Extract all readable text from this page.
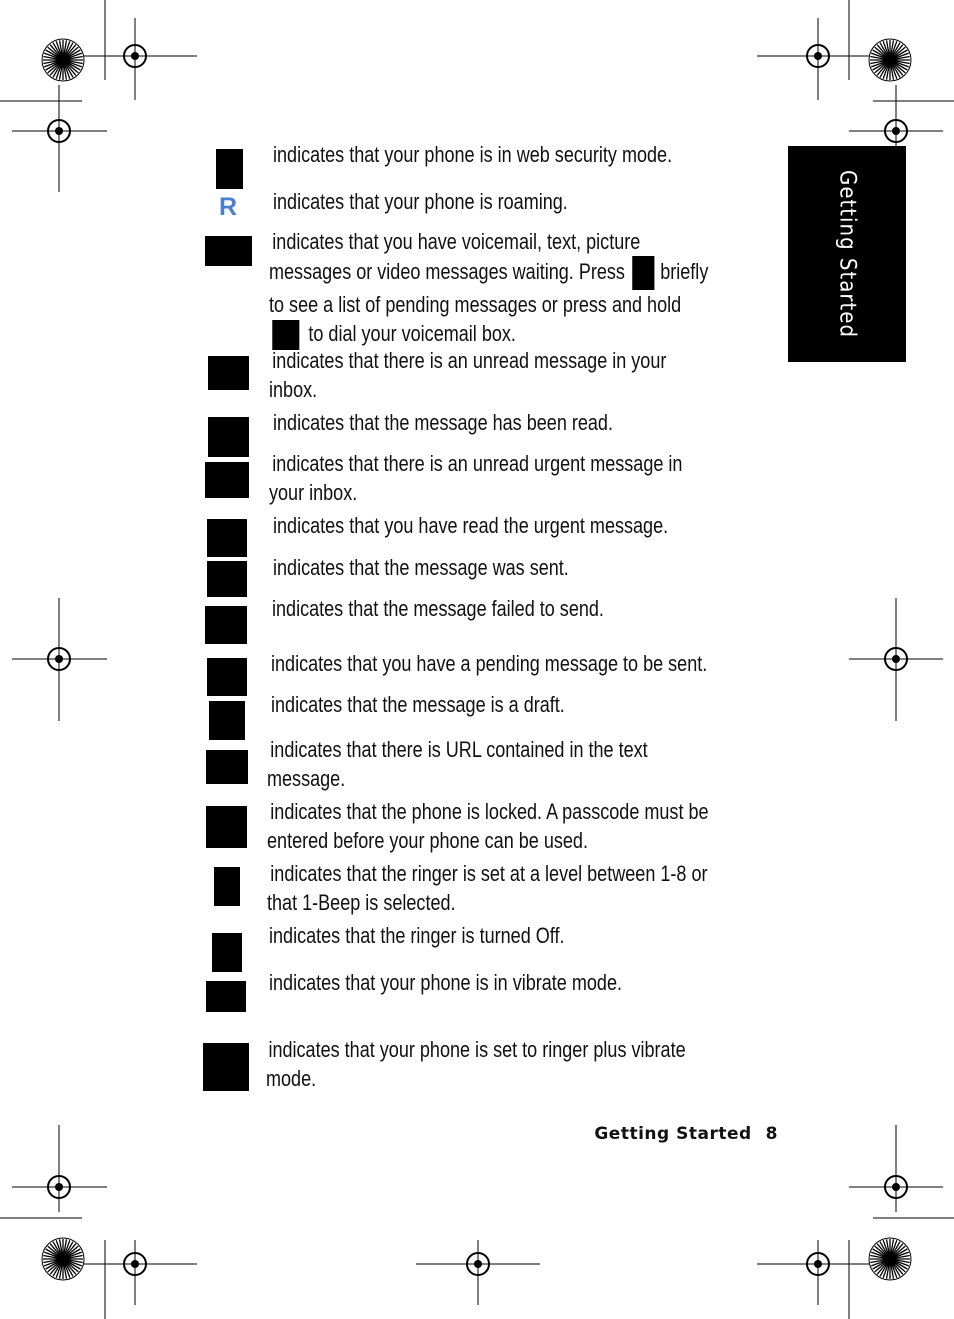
Getting Started
R
indicates that your phone is in web security mode.
indicates that your phone is roaming.
indicates that you have voicemail, text, picture
messages or video messages waiting. Press briefly
to see a list of pending messages or press and hold
to dial your voicemail box.
indicates that there is an unread message in your
inbox.
indicates that the message has been read.
indicates that there is an unread urgent message in
your inbox.
indicates that you have read the urgent message.
indicates that the message was sent.
indicates that the message failed to send.
indicates that you have a pending message to be sent.
indicates that the message is a draft.
indicates that there is URL contained in the text
message.
indicates that the phone is locked. A passcode must be
entered before your phone can be used.
indicates that the ringer is set at a level between 1-8 or
that 1-Beep is selected.
indicates that the ringer is turned Off.
indicates that your phone is in vibrate mode.
indicates that your phone is set to ringer plus vibrate
mode.
Getting Started 8
